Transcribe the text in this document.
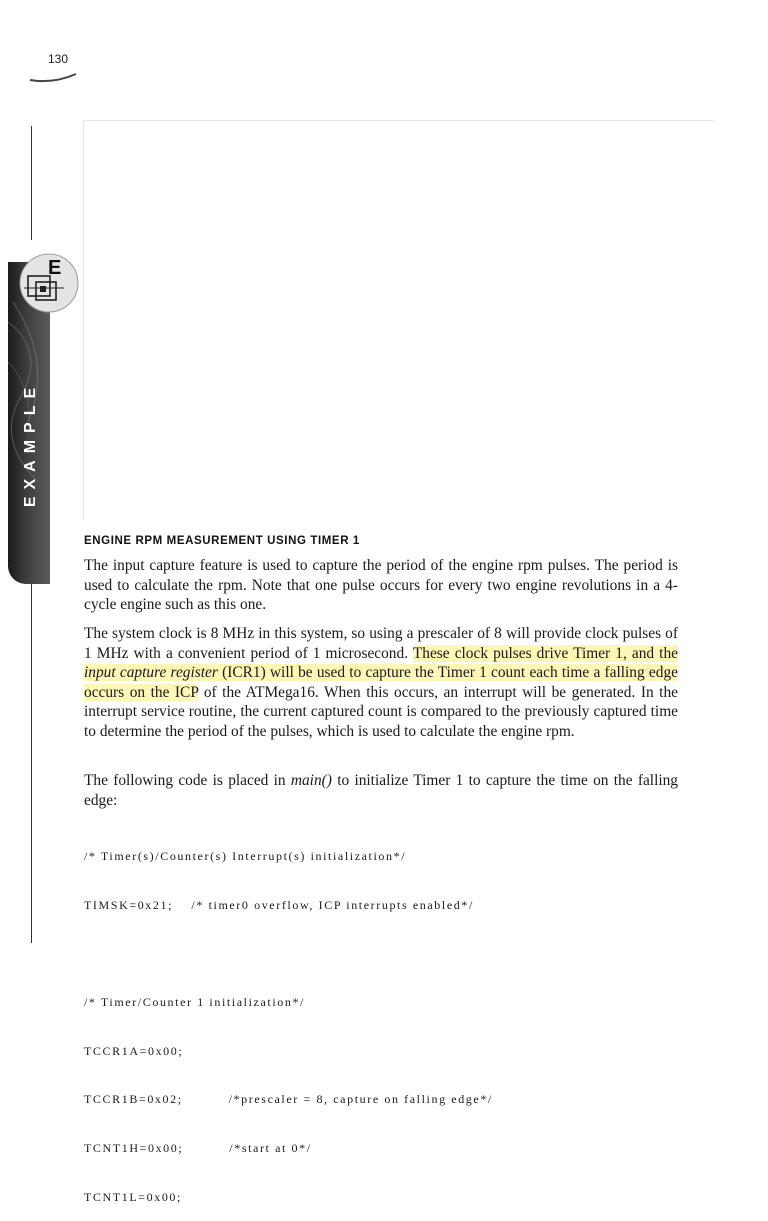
130
EXAMPLE
E
ENGINE RPM MEASUREMENT USING TIMER 1

The input capture feature is used to capture the period of the engine rpm pulses. The period is used to calculate the rpm. Note that one pulse occurs for every two engine revolutions in a 4-cycle engine such as this one.

The system clock is 8 MHz in this system, so using a prescaler of 8 will provide clock pulses of 1 MHz with a convenient period of 1 microsecond. These clock pulses drive Timer 1, and the input capture register (ICR1) will be used to capture the Timer 1 count each time a falling edge occurs on the ICP of the ATMega16. When this occurs, an interrupt will be generated. In the interrupt service routine, the current captured count is compared to the previously captured time to determine the period of the pulses, which is used to calculate the engine rpm.

The following code is placed in main() to initialize Timer 1 to capture the time on the falling edge:

/* Timer(s)/Counter(s) Interrupt(s) initialization*/

TIMSK=0x21;    /* timer0 overflow, ICP interrupts enabled*/

/* Timer/Counter 1 initialization*/

TCCR1A=0x00;

TCCR1B=0x02;          /*prescaler = 8, capture on falling edge*/

TCNT1H=0x00;          /*start at 0*/

TCNT1L=0x00;
